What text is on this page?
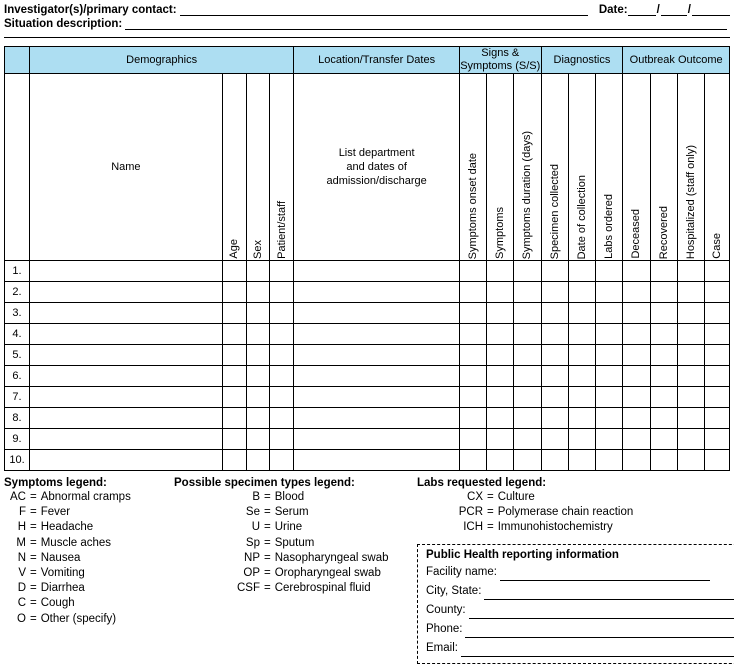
Investigator(s)/primary contact:	Date:	/ /
Situation description:
	Demographics				Location/Transfer Dates	Signs & Symptoms (S/S)			Diagnostics			Outbreak Outcome			
	Name	Age	Sex	Patient/staff	List department
and dates of
admission/discharge	Symptoms onset date	Symptoms	Symptoms duration (days)	Specimen collected	Date of collection	Labs ordered	Deceased	Recovered	Hospitalized (staff only)	Case

1.															
2.															
3.															
4.															
5.															
6.															
7.															
8.															
9.															
10.															
Symptoms legend:
AC = Abnormal cramps
F = Fever
H = Headache
M = Muscle aches
N = Nausea
V = Vomiting
D = Diarrhea
C = Cough
O = Other (specify)
Possible specimen types legend:
B = Blood
Se = Serum
U = Urine
Sp = Sputum
NP = Nasopharyngeal swab
OP = Oropharyngeal swab
CSF = Cerebrospinal fluid
Labs requested legend:
CX = Culture
PCR = Polymerase chain reaction
ICH = Immunohistochemistry
Public Health reporting information
Facility name:
City, State:
County:
Phone:
Email:
